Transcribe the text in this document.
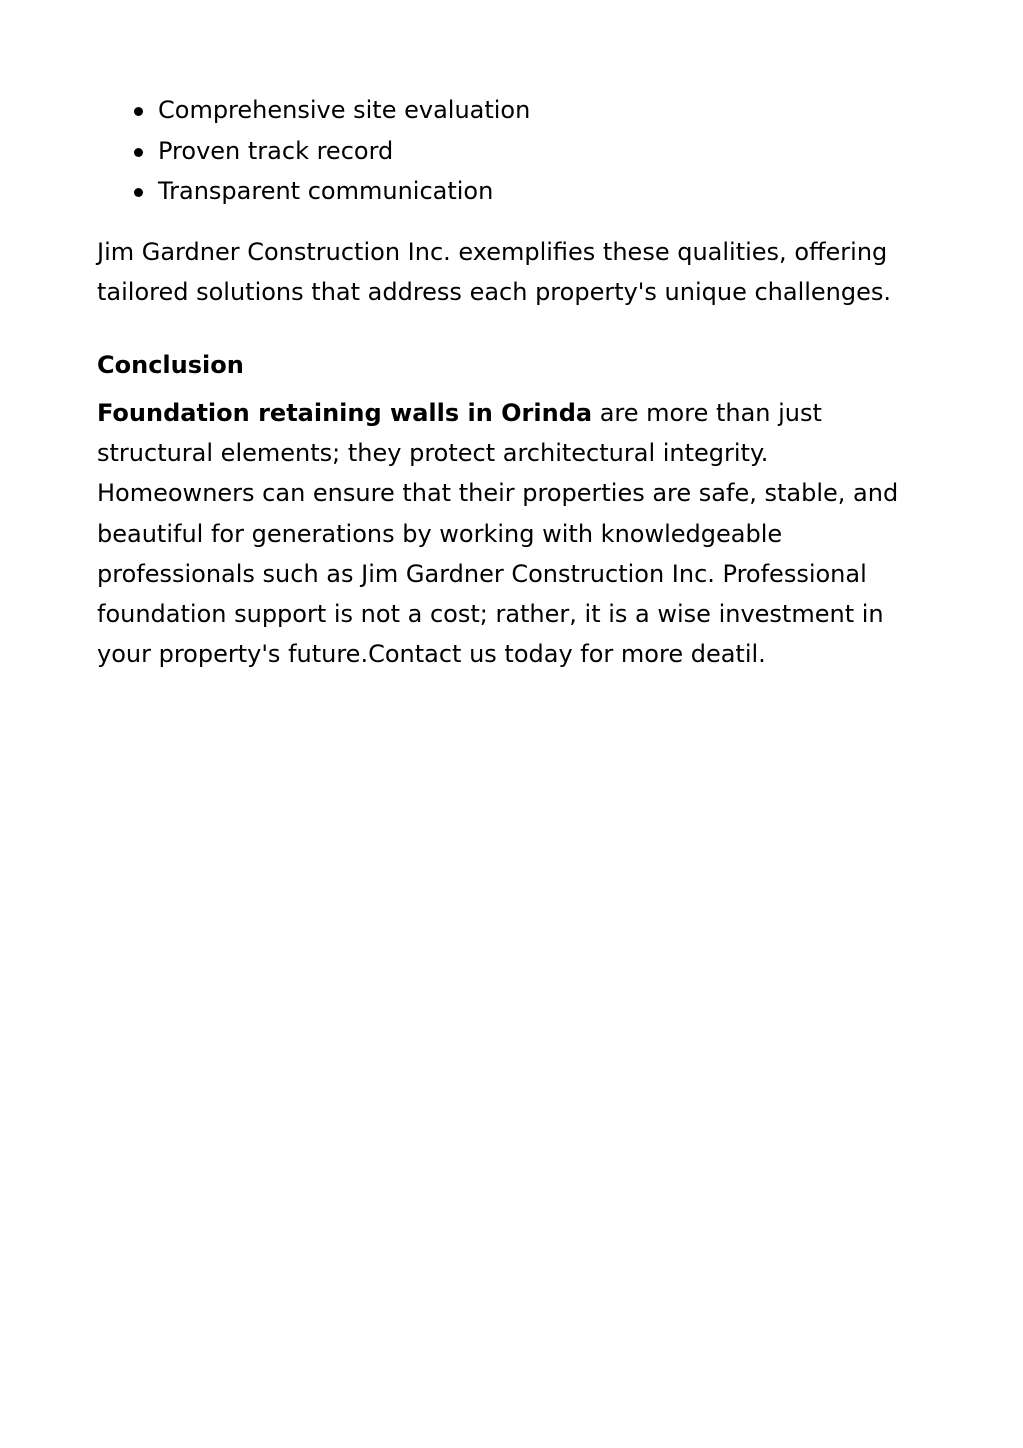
Comprehensive site evaluation
Proven track record
Transparent communication

Jim Gardner Construction Inc. exemplifies these qualities, offering tailored solutions that address each property's unique challenges.

Conclusion

Foundation retaining walls in Orinda are more than just structural elements; they protect architectural integrity. Homeowners can ensure that their properties are safe, stable, and beautiful for generations by working with knowledgeable professionals such as Jim Gardner Construction Inc. Professional foundation support is not a cost; rather, it is a wise investment in your property's future.Contact us today for more deatil.
